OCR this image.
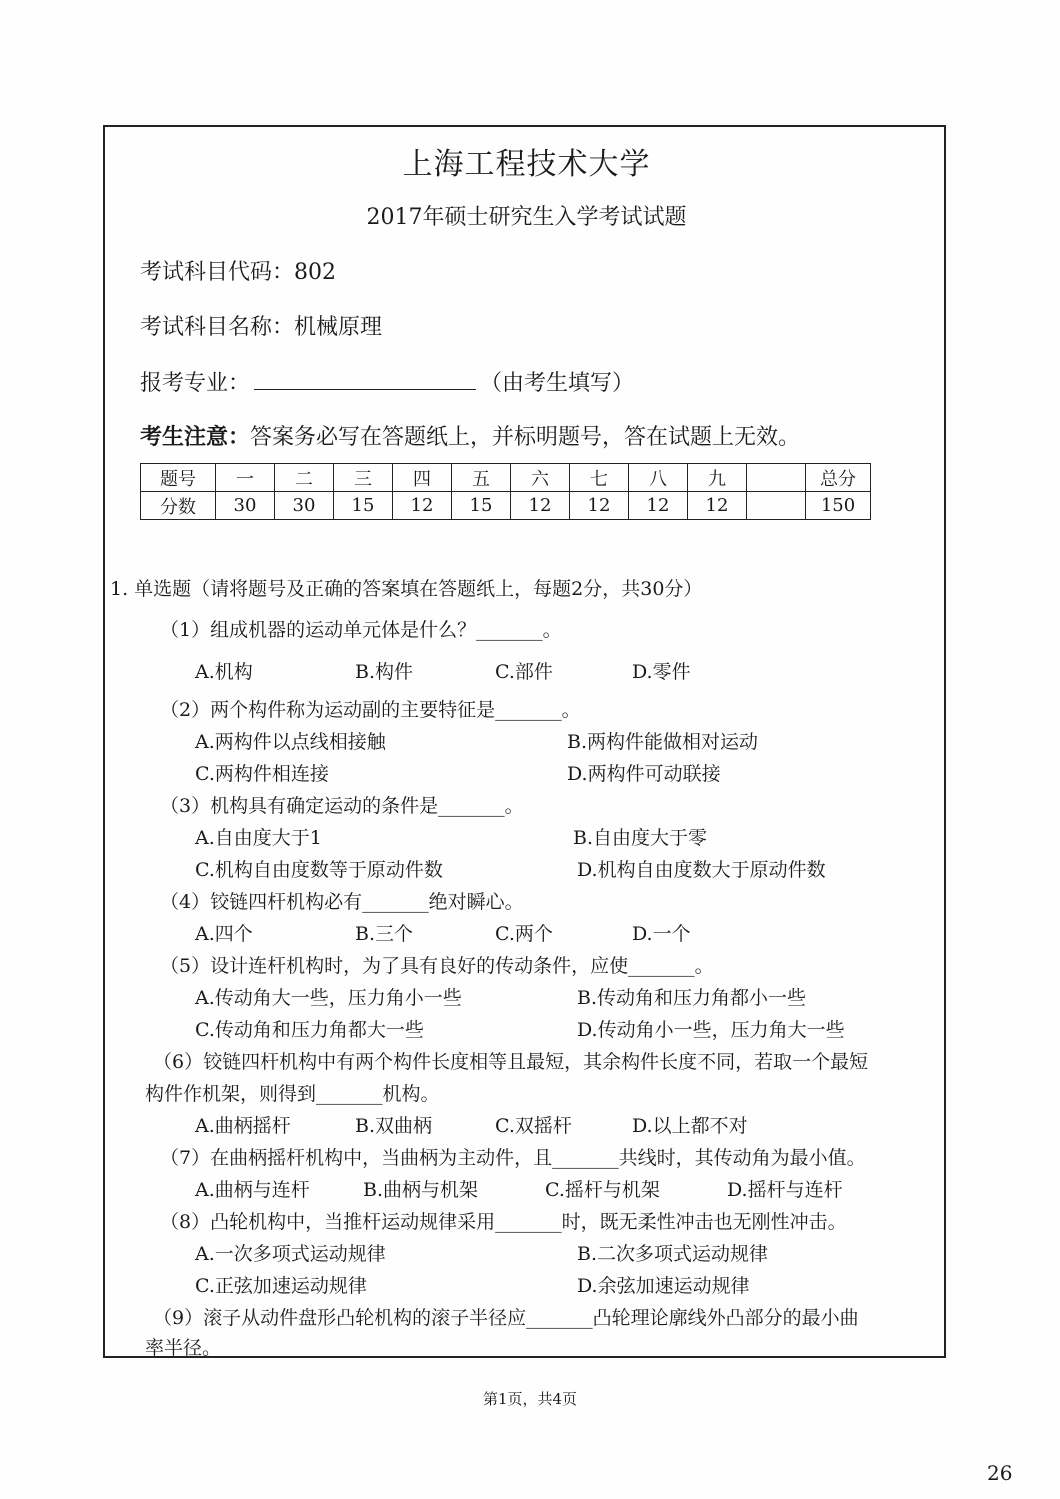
上海工程技术大学
2017年硕士研究生入学考试试题
考试科目代码：802
考试科目名称：机械原理
报考专业：	（由考生填写）
考生注意：答案务必写在答题纸上，并标明题号，答在试题上无效。
题号	一	二	三	四	五	六	七	八	九		总分
分数	30	30	15	12	15	12	12	12	12		150
1. 单选题（请将题号及正确的答案填在答题纸上，每题2分，共30分）
（1）组成机器的运动单元体是什么？_______。
A.机构	B.构件	C.部件	D.零件
（2）两个构件称为运动副的主要特征是_______。
A.两构件以点线相接触	B.两构件能做相对运动
C.两构件相连接	D.两构件可动联接
（3）机构具有确定运动的条件是_______。
A.自由度大于1	B.自由度大于零
C.机构自由度数等于原动件数	D.机构自由度数大于原动件数
（4）铰链四杆机构必有_______绝对瞬心。
A.四个	B.三个	C.两个	D.一个
（5）设计连杆机构时，为了具有良好的传动条件，应使_______。
A.传动角大一些，压力角小一些	B.传动角和压力角都小一些
C.传动角和压力角都大一些	D.传动角小一些，压力角大一些
（6）铰链四杆机构中有两个构件长度相等且最短，其余构件长度不同，若取一个最短
构件作机架，则得到_______机构。
A.曲柄摇杆	B.双曲柄	C.双摇杆	D.以上都不对
（7）在曲柄摇杆机构中，当曲柄为主动件，且_______共线时，其传动角为最小值。
A.曲柄与连杆	B.曲柄与机架	C.摇杆与机架	D.摇杆与连杆
（8）凸轮机构中，当推杆运动规律采用_______时，既无柔性冲击也无刚性冲击。
A.一次多项式运动规律	B.二次多项式运动规律
C.正弦加速运动规律	D.余弦加速运动规律
（9）滚子从动件盘形凸轮机构的滚子半径应_______凸轮理论廓线外凸部分的最小曲
率半径。
第1页，共4页
26
